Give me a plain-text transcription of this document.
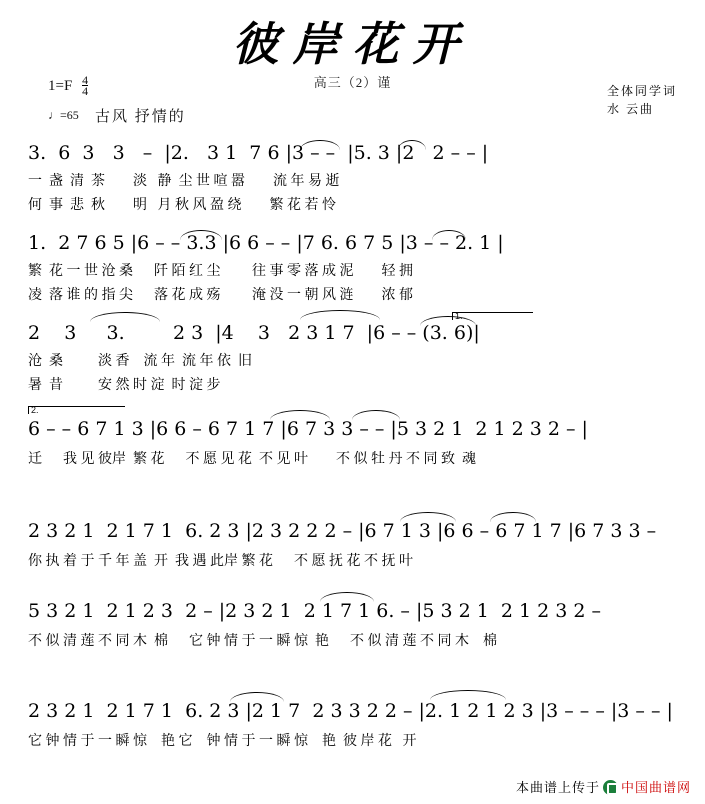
彼岸花开
高三（2）谨
全体同学词
水 云曲
$1=F \frac{4}{4}$
♩=65 古风 抒情的
3.  6  3   3   –  |2.   3 1  7 6 |3 – –  |5. 3 |2   2 – – |
一  盏  清  茶        淡   静  尘 世 喧 嚣        流 年 易 逝
何  事  悲  秋        明   月 秋 风 盈 绕        繁 花 若 怜
1.  2 7 6 5 |6 – – 3.3 |6 6 – – |7 6. 6 7 5 |3 – – 2. 1 |
繁  花 一 世 沧 桑      阡 陌 红 尘         往 事 零 落 成 泥        轻 拥
凌  落 谁 的 指 尖      落 花 成 殇         淹 没 一 朝 风 涟        浓 郁
2    3     3.        2 3  |4    3   2 3 1 7  |6 – – (3. 6)|
沧  桑          淡 香    流 年  流 年 依  旧
暑  昔          安 然 时 淀  时 淀 步
1.
2.
6 – – 6 7 1 3 |6 6 – 6 7 1 7 |6 7 3 3 – – |5 3 2 1  2 1 2 3 2 – |
迁      我 见 彼岸  繁 花      不 愿 见 花  不 见 叶        不 似 牡 丹 不 同 致  魂
2 3 2 1  2 1 7 1  6. 2 3 |2 3 2 2 2 – |6 7 1 3 |6 6 – 6 7 1 7 |6 7 3 3 –
你 执 着 于 千 年 盖  开  我 遇 此岸 繁 花      不 愿 抚 花 不 抚 叶
5 3 2 1  2 1 2 3  2 – |2 3 2 1  2 1 7 1 6. – |5 3 2 1  2 1 2 3 2 –
不 似 清 莲 不 同 木  棉      它 钟 情 于 一 瞬 惊  艳      不 似 清 莲 不 同 木    棉
2 3 2 1  2 1 7 1  6. 2 3 |2 1 7  2 3 3 2 2 – |2. 1 2 1 2 3 |3 – – – |3 – – |
它 钟 情 于 一 瞬 惊    艳 它    钟 情 于 一 瞬 惊    艳  彼 岸 花   开
本曲谱上传于 中国曲谱网
